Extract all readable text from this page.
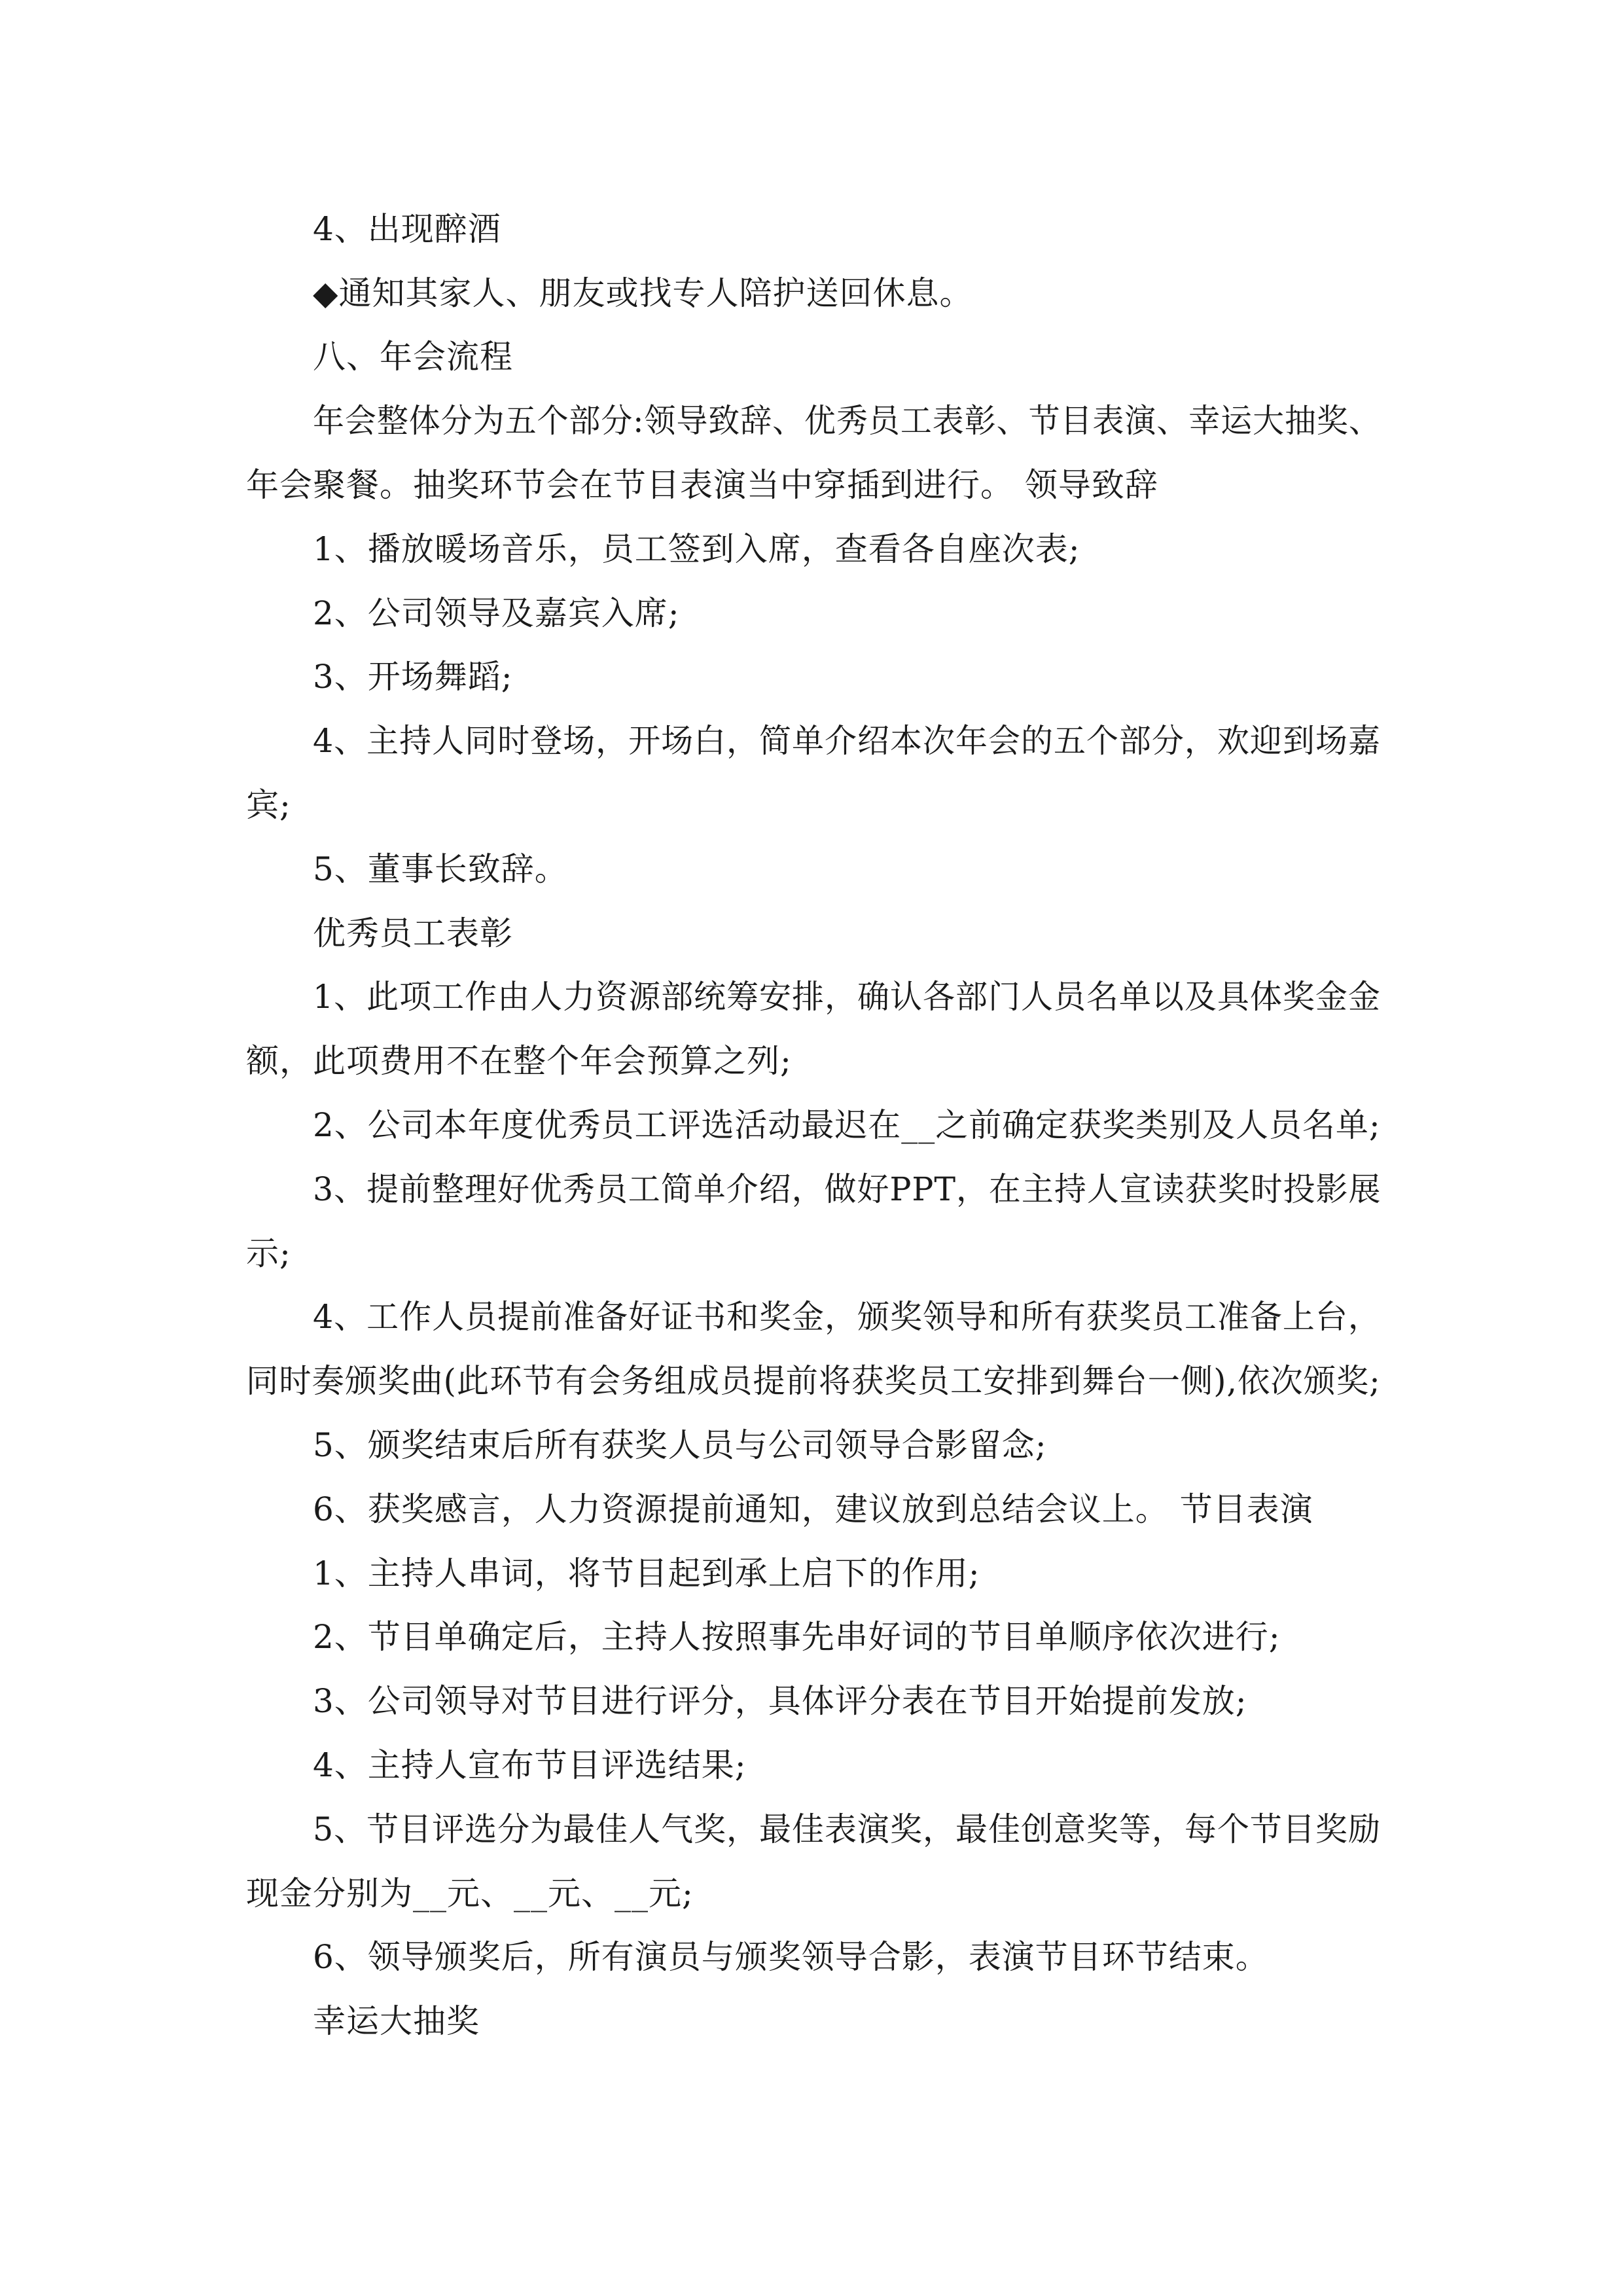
4、出现醉酒
◆通知其家人、朋友或找专人陪护送回休息。
八、年会流程
年会整体分为五个部分:领导致辞、优秀员工表彰、节目表演、幸运大抽奖、
年会聚餐。抽奖环节会在节目表演当中穿插到进行。 领导致辞
1、播放暖场音乐，员工签到入席，查看各自座次表;
2、公司领导及嘉宾入席;
3、开场舞蹈;
4、主持人同时登场，开场白，简单介绍本次年会的五个部分，欢迎到场嘉
宾;
5、董事长致辞。
优秀员工表彰
1、此项工作由人力资源部统筹安排，确认各部门人员名单以及具体奖金金
额，此项费用不在整个年会预算之列;
2、公司本年度优秀员工评选活动最迟在__之前确定获奖类别及人员名单;
3、提前整理好优秀员工简单介绍，做好PPT，在主持人宣读获奖时投影展
示;
4、工作人员提前准备好证书和奖金，颁奖领导和所有获奖员工准备上台，
同时奏颁奖曲(此环节有会务组成员提前将获奖员工安排到舞台一侧),依次颁奖;
5、颁奖结束后所有获奖人员与公司领导合影留念;
6、获奖感言，人力资源提前通知，建议放到总结会议上。 节目表演
1、主持人串词，将节目起到承上启下的作用;
2、节目单确定后，主持人按照事先串好词的节目单顺序依次进行;
3、公司领导对节目进行评分，具体评分表在节目开始提前发放;
4、主持人宣布节目评选结果;
5、节目评选分为最佳人气奖，最佳表演奖，最佳创意奖等，每个节目奖励
现金分别为__元、__元、__元;
6、领导颁奖后，所有演员与颁奖领导合影，表演节目环节结束。
幸运大抽奖
